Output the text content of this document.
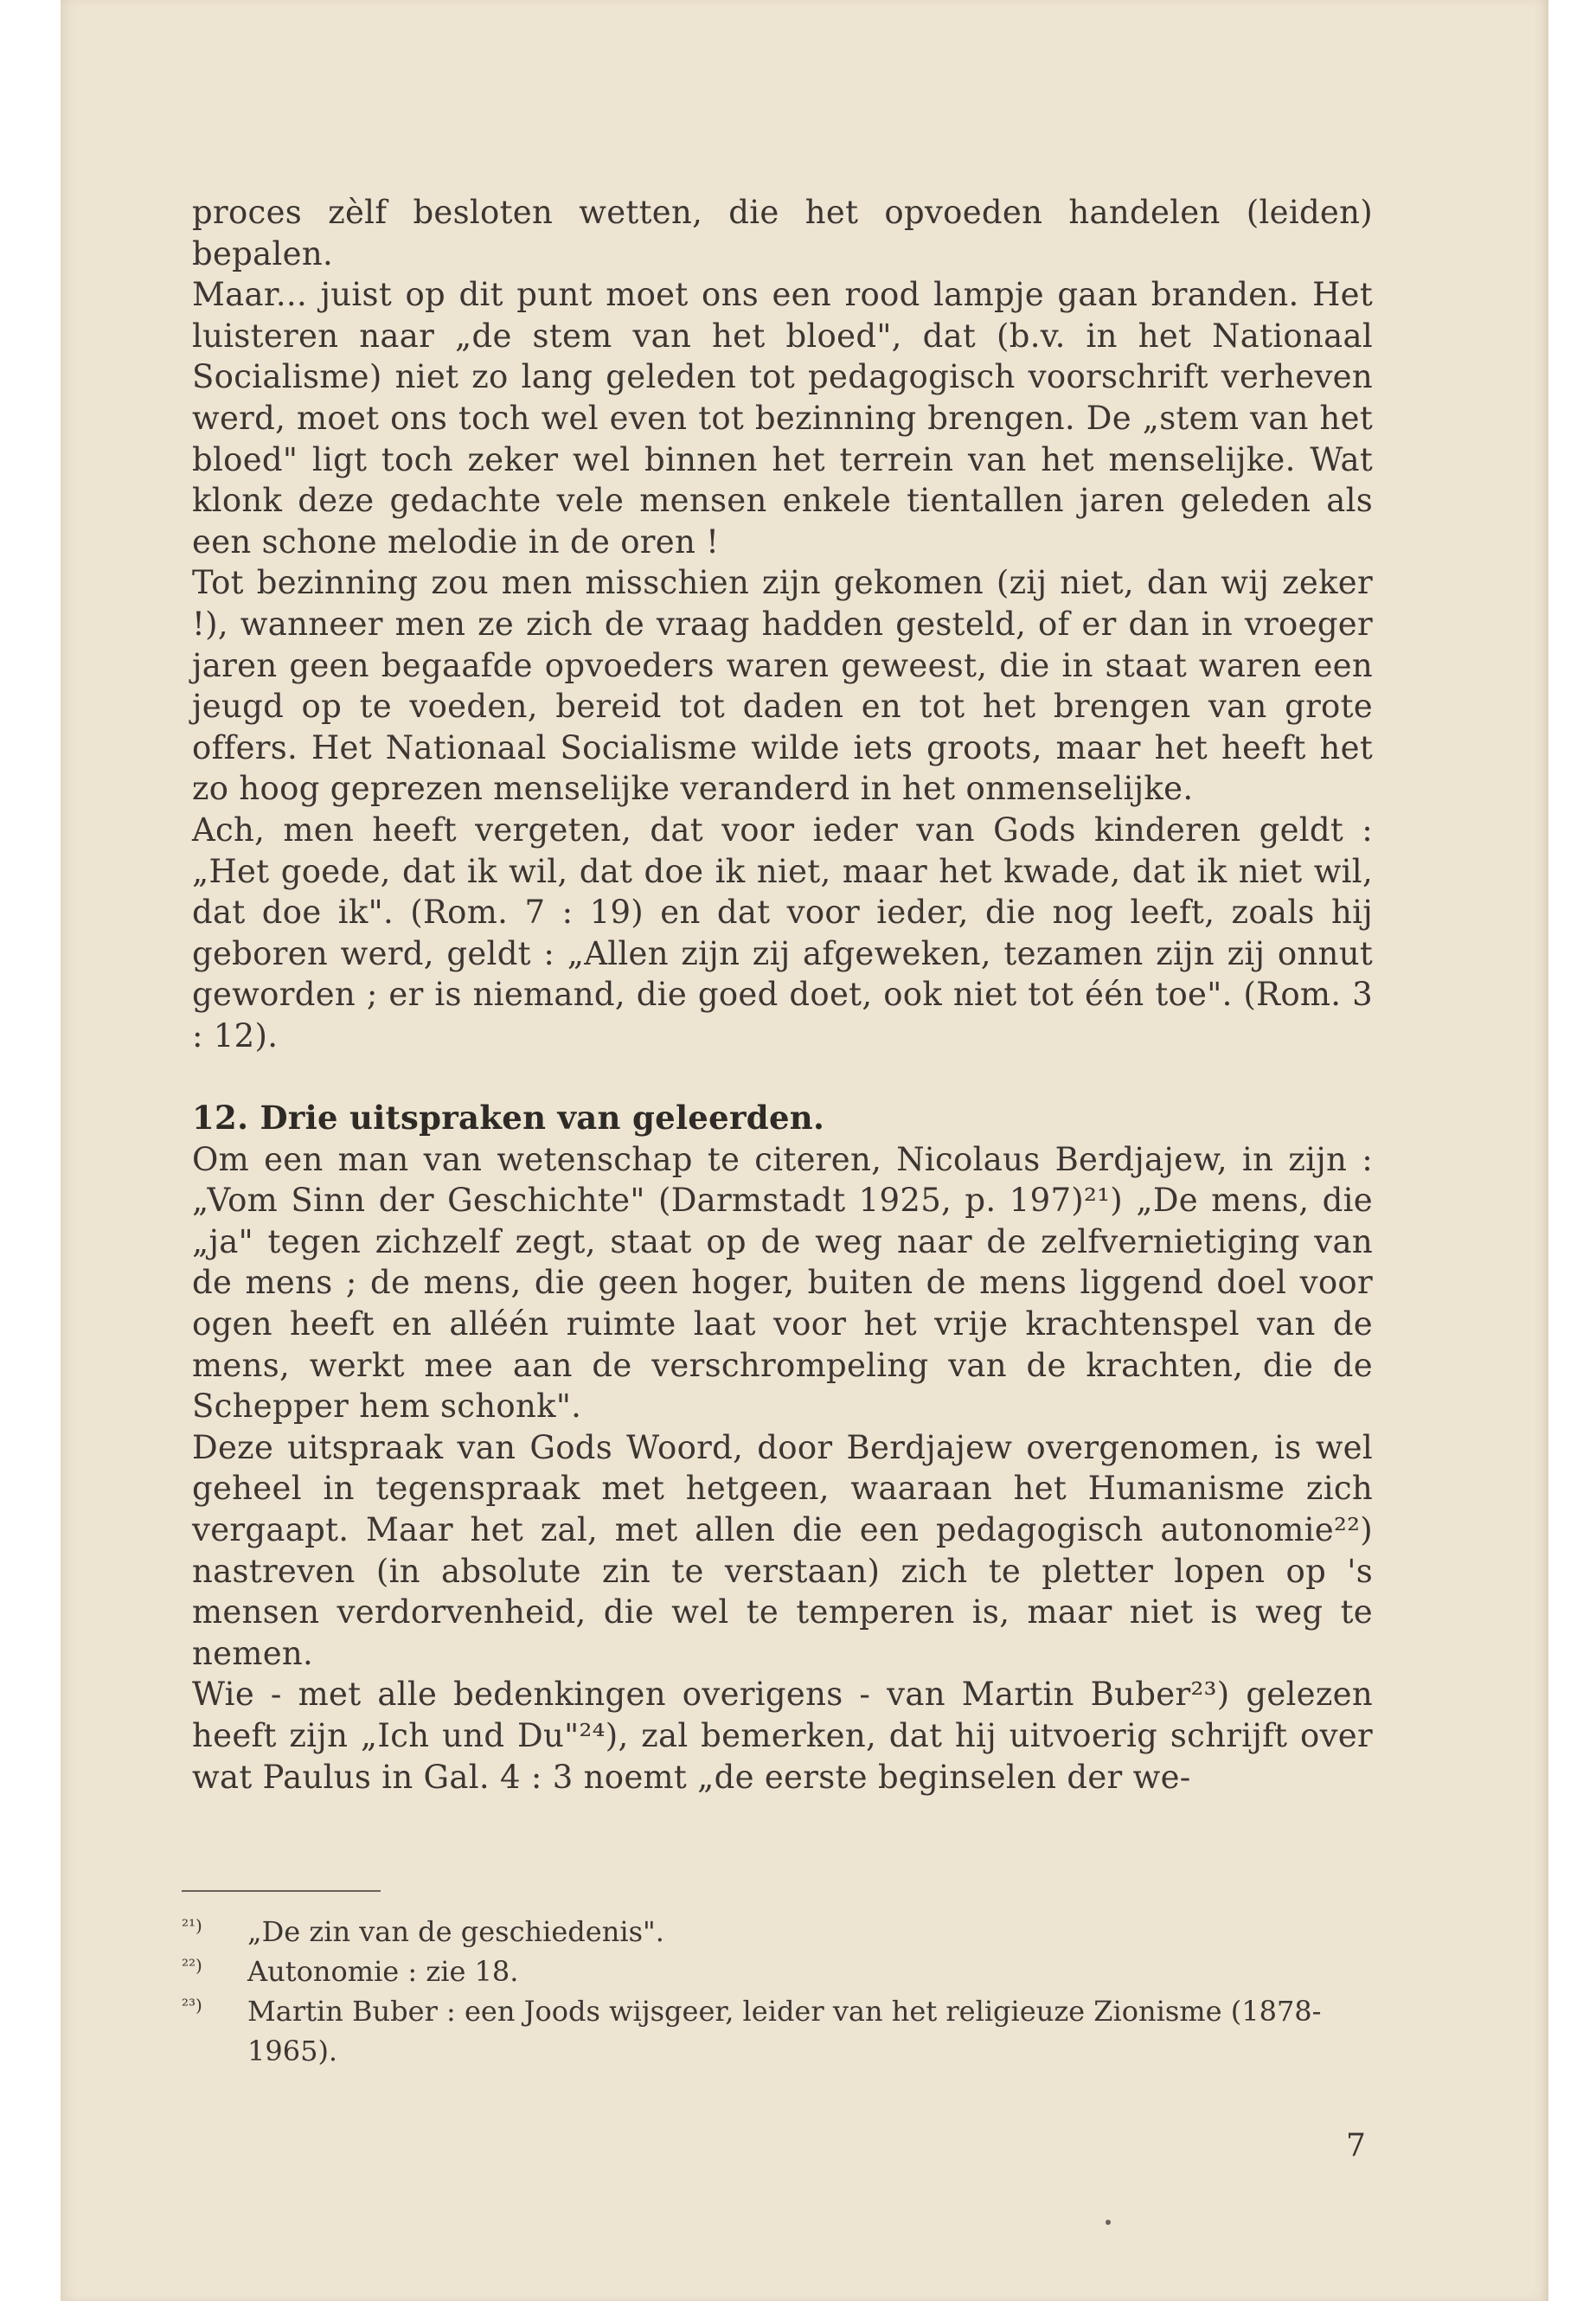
proces zèlf besloten wetten, die het opvoeden handelen (leiden) bepalen.

Maar... juist op dit punt moet ons een rood lampje gaan branden. Het luisteren naar „de stem van het bloed", dat (b.v. in het Nationaal Socialisme) niet zo lang geleden tot pedagogisch voorschrift verheven werd, moet ons toch wel even tot bezinning brengen. De „stem van het bloed" ligt toch zeker wel binnen het terrein van het menselijke. Wat klonk deze gedachte vele mensen enkele tientallen jaren geleden als een schone melodie in de oren !

Tot bezinning zou men misschien zijn gekomen (zij niet, dan wij zeker !), wanneer men ze zich de vraag hadden gesteld, of er dan in vroeger jaren geen begaafde opvoeders waren geweest, die in staat waren een jeugd op te voeden, bereid tot daden en tot het brengen van grote offers. Het Nationaal Socialisme wilde iets groots, maar het heeft het zo hoog geprezen menselijke veranderd in het onmenselijke.

Ach, men heeft vergeten, dat voor ieder van Gods kinderen geldt : „Het goede, dat ik wil, dat doe ik niet, maar het kwade, dat ik niet wil, dat doe ik". (Rom. 7 : 19) en dat voor ieder, die nog leeft, zoals hij geboren werd, geldt : „Allen zijn zij afgeweken, tezamen zijn zij onnut geworden ; er is niemand, die goed doet, ook niet tot één toe". (Rom. 3 : 12).

12. Drie uitspraken van geleerden.

Om een man van wetenschap te citeren, Nicolaus Berdjajew, in zijn : „Vom Sinn der Geschichte" (Darmstadt 1925, p. 197)²¹) „De mens, die „ja" tegen zichzelf zegt, staat op de weg naar de zelfvernietiging van de mens ; de mens, die geen hoger, buiten de mens liggend doel voor ogen heeft en alléén ruimte laat voor het vrije krachtenspel van de mens, werkt mee aan de verschrompeling van de krachten, die de Schepper hem schonk".

Deze uitspraak van Gods Woord, door Berdjajew overgenomen, is wel geheel in tegenspraak met hetgeen, waaraan het Humanisme zich vergaapt. Maar het zal, met allen die een pedagogisch autonomie²²) nastreven (in absolute zin te verstaan) zich te pletter lopen op 's mensen verdorvenheid, die wel te temperen is, maar niet is weg te nemen.

Wie - met alle bedenkingen overigens - van Martin Buber²³) gelezen heeft zijn „Ich und Du"²⁴), zal bemerken, dat hij uitvoerig schrijft over wat Paulus in Gal. 4 : 3 noemt „de eerste beginselen der we-

²¹)	„De zin van de geschiedenis".
²²)	Autonomie : zie 18.
²³)	Martin Buber : een Joods wijsgeer, leider van het religieuze Zionisme (1878-1965).
7
